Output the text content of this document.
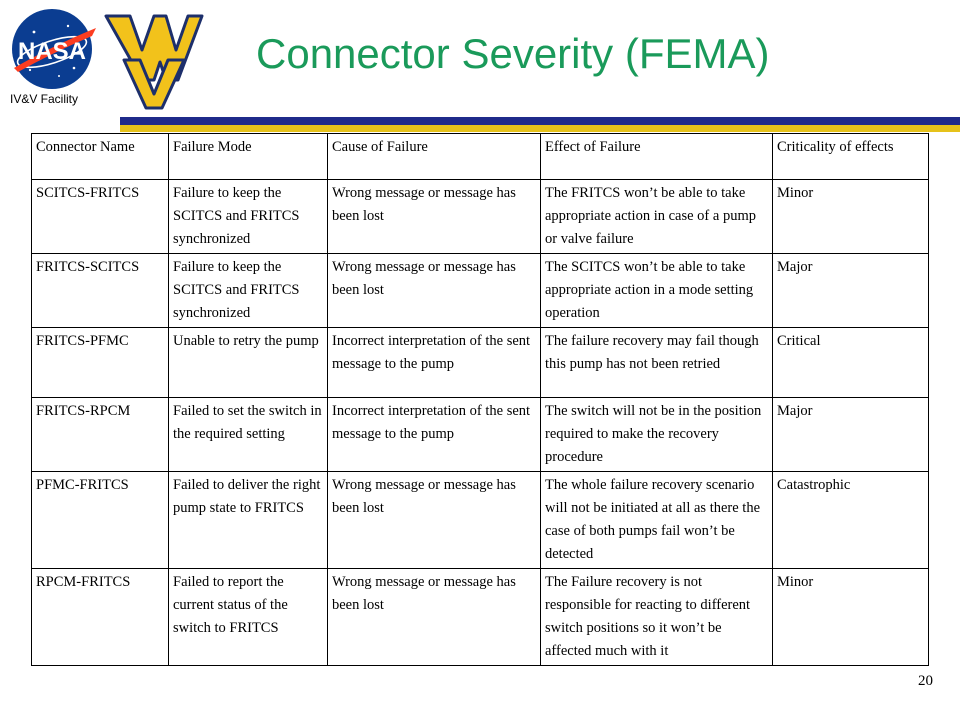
NASA
IV&V Facility
Connector Severity (FEMA)
Connector Name	Failure Mode	Cause of Failure	Effect of Failure	Criticality of effects
SCITCS-FRITCS	Failure to keep the SCITCS and FRITCS synchronized	Wrong message or message has been lost	The FRITCS won’t be able to take appropriate action in case of a pump or valve failure	Minor
FRITCS-SCITCS	Failure to keep the SCITCS and FRITCS synchronized	Wrong message or message has been lost	The SCITCS won’t be able to take appropriate action in a mode setting operation	Major
FRITCS-PFMC	Unable to retry the pump	Incorrect interpretation of the sent message to the pump	The failure recovery may fail though this pump has not been retried	Critical
FRITCS-RPCM	Failed to set the switch in the required setting	Incorrect interpretation of the sent message to the pump	The switch will not be in the position required to make the recovery procedure	Major
PFMC-FRITCS	Failed to deliver the right pump state to FRITCS	Wrong message or message has been lost	The whole failure recovery scenario will not be initiated at all as there the case of both pumps fail won’t be detected	Catastrophic
RPCM-FRITCS	Failed to report the current status of the switch to FRITCS	Wrong message or message has been lost	The Failure recovery is not responsible for reacting to different switch positions so it won’t be affected much with it	Minor
20
